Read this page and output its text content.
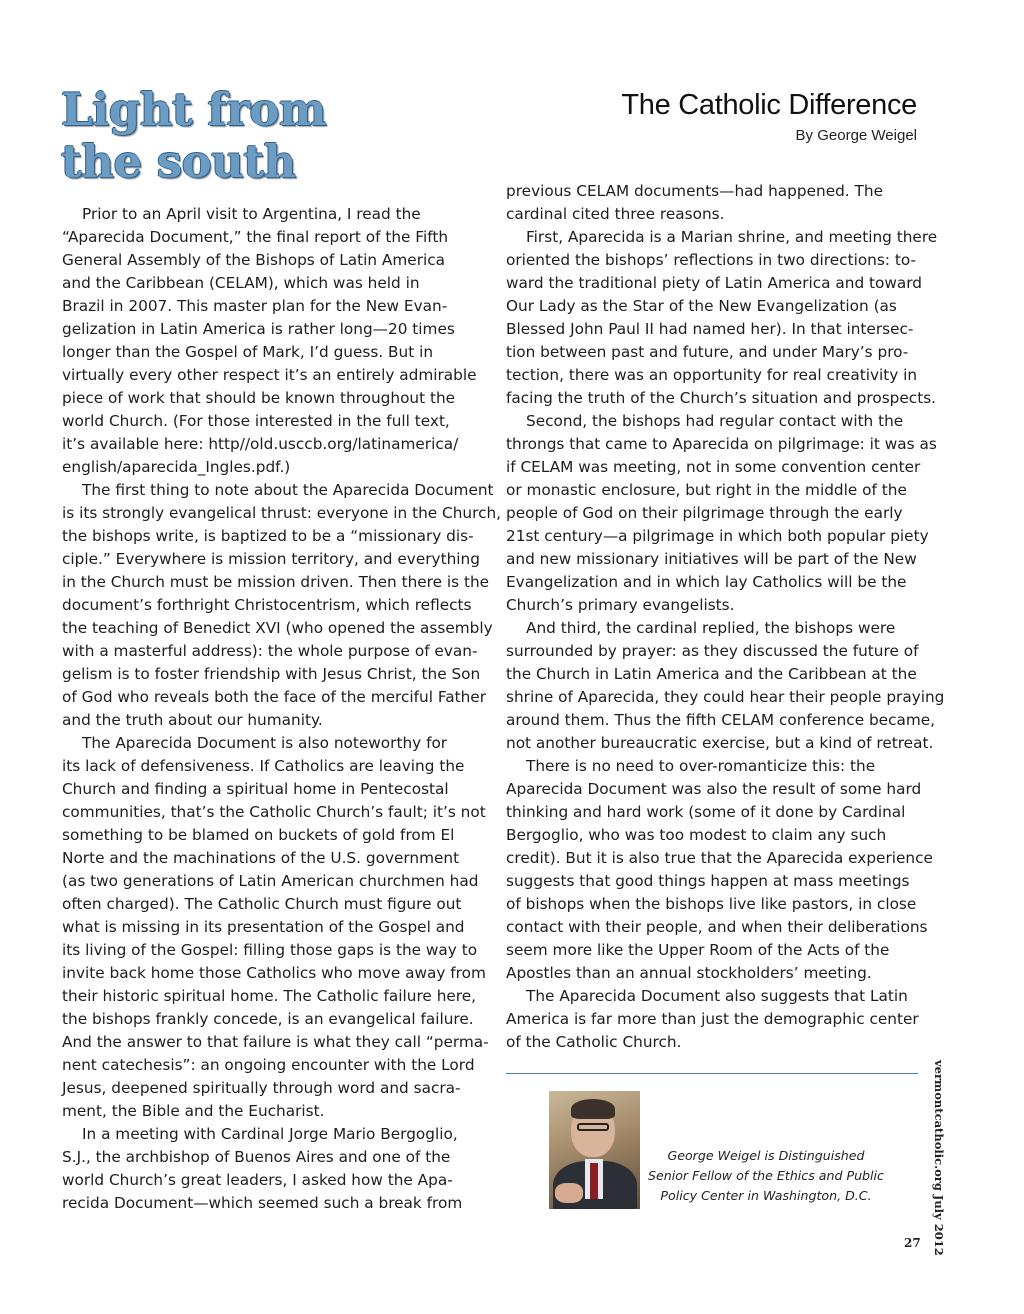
Light from
the south
The Catholic Difference
By George Weigel
Prior to an April visit to Argentina, I read the
“Aparecida Document,” the final report of the Fifth
General Assembly of the Bishops of Latin America
and the Caribbean (CELAM), which was held in
Brazil in 2007. This master plan for the New Evan-
gelization in Latin America is rather long—20 times
longer than the Gospel of Mark, I’d guess. But in
virtually every other respect it’s an entirely admirable
piece of work that should be known throughout the
world Church. (For those interested in the full text,
it’s available here: http//old.usccb.org/latinamerica/
english/aparecida_Ingles.pdf.)
The first thing to note about the Aparecida Document
is its strongly evangelical thrust: everyone in the Church,
the bishops write, is baptized to be a “missionary dis-
ciple.” Everywhere is mission territory, and everything
in the Church must be mission driven. Then there is the
document’s forthright Christocentrism, which reflects
the teaching of Benedict XVI (who opened the assembly
with a masterful address): the whole purpose of evan-
gelism is to foster friendship with Jesus Christ, the Son
of God who reveals both the face of the merciful Father
and the truth about our humanity.
The Aparecida Document is also noteworthy for
its lack of defensiveness. If Catholics are leaving the
Church and finding a spiritual home in Pentecostal
communities, that’s the Catholic Church’s fault; it’s not
something to be blamed on buckets of gold from El
Norte and the machinations of the U.S. government
(as two generations of Latin American churchmen had
often charged). The Catholic Church must figure out
what is missing in its presentation of the Gospel and
its living of the Gospel: filling those gaps is the way to
invite back home those Catholics who move away from
their historic spiritual home. The Catholic failure here,
the bishops frankly concede, is an evangelical failure.
And the answer to that failure is what they call “perma-
nent catechesis”: an ongoing encounter with the Lord
Jesus, deepened spiritually through word and sacra-
ment, the Bible and the Eucharist.
In a meeting with Cardinal Jorge Mario Bergoglio,
S.J., the archbishop of Buenos Aires and one of the
world Church’s great leaders, I asked how the Apa-
recida Document—which seemed such a break from
previous CELAM documents—had happened. The
cardinal cited three reasons.
First, Aparecida is a Marian shrine, and meeting there
oriented the bishops’ reflections in two directions: to-
ward the traditional piety of Latin America and toward
Our Lady as the Star of the New Evangelization (as
Blessed John Paul II had named her). In that intersec-
tion between past and future, and under Mary’s pro-
tection, there was an opportunity for real creativity in
facing the truth of the Church’s situation and prospects.
Second, the bishops had regular contact with the
throngs that came to Aparecida on pilgrimage: it was as
if CELAM was meeting, not in some convention center
or monastic enclosure, but right in the middle of the
people of God on their pilgrimage through the early
21st century—a pilgrimage in which both popular piety
and new missionary initiatives will be part of the New
Evangelization and in which lay Catholics will be the
Church’s primary evangelists.
And third, the cardinal replied, the bishops were
surrounded by prayer: as they discussed the future of
the Church in Latin America and the Caribbean at the
shrine of Aparecida, they could hear their people praying
around them. Thus the fifth CELAM conference became,
not another bureaucratic exercise, but a kind of retreat.
There is no need to over-romanticize this: the
Aparecida Document was also the result of some hard
thinking and hard work (some of it done by Cardinal
Bergoglio, who was too modest to claim any such
credit). But it is also true that the Aparecida experience
suggests that good things happen at mass meetings
of bishops when the bishops live like pastors, in close
contact with their people, and when their deliberations
seem more like the Upper Room of the Acts of the
Apostles than an annual stockholders’ meeting.
The Aparecida Document also suggests that Latin
America is far more than just the demographic center
of the Catholic Church.
George Weigel is Distinguished
Senior Fellow of the Ethics and Public
Policy Center in Washington, D.C.	vermontcatholic.org July 2012
27
